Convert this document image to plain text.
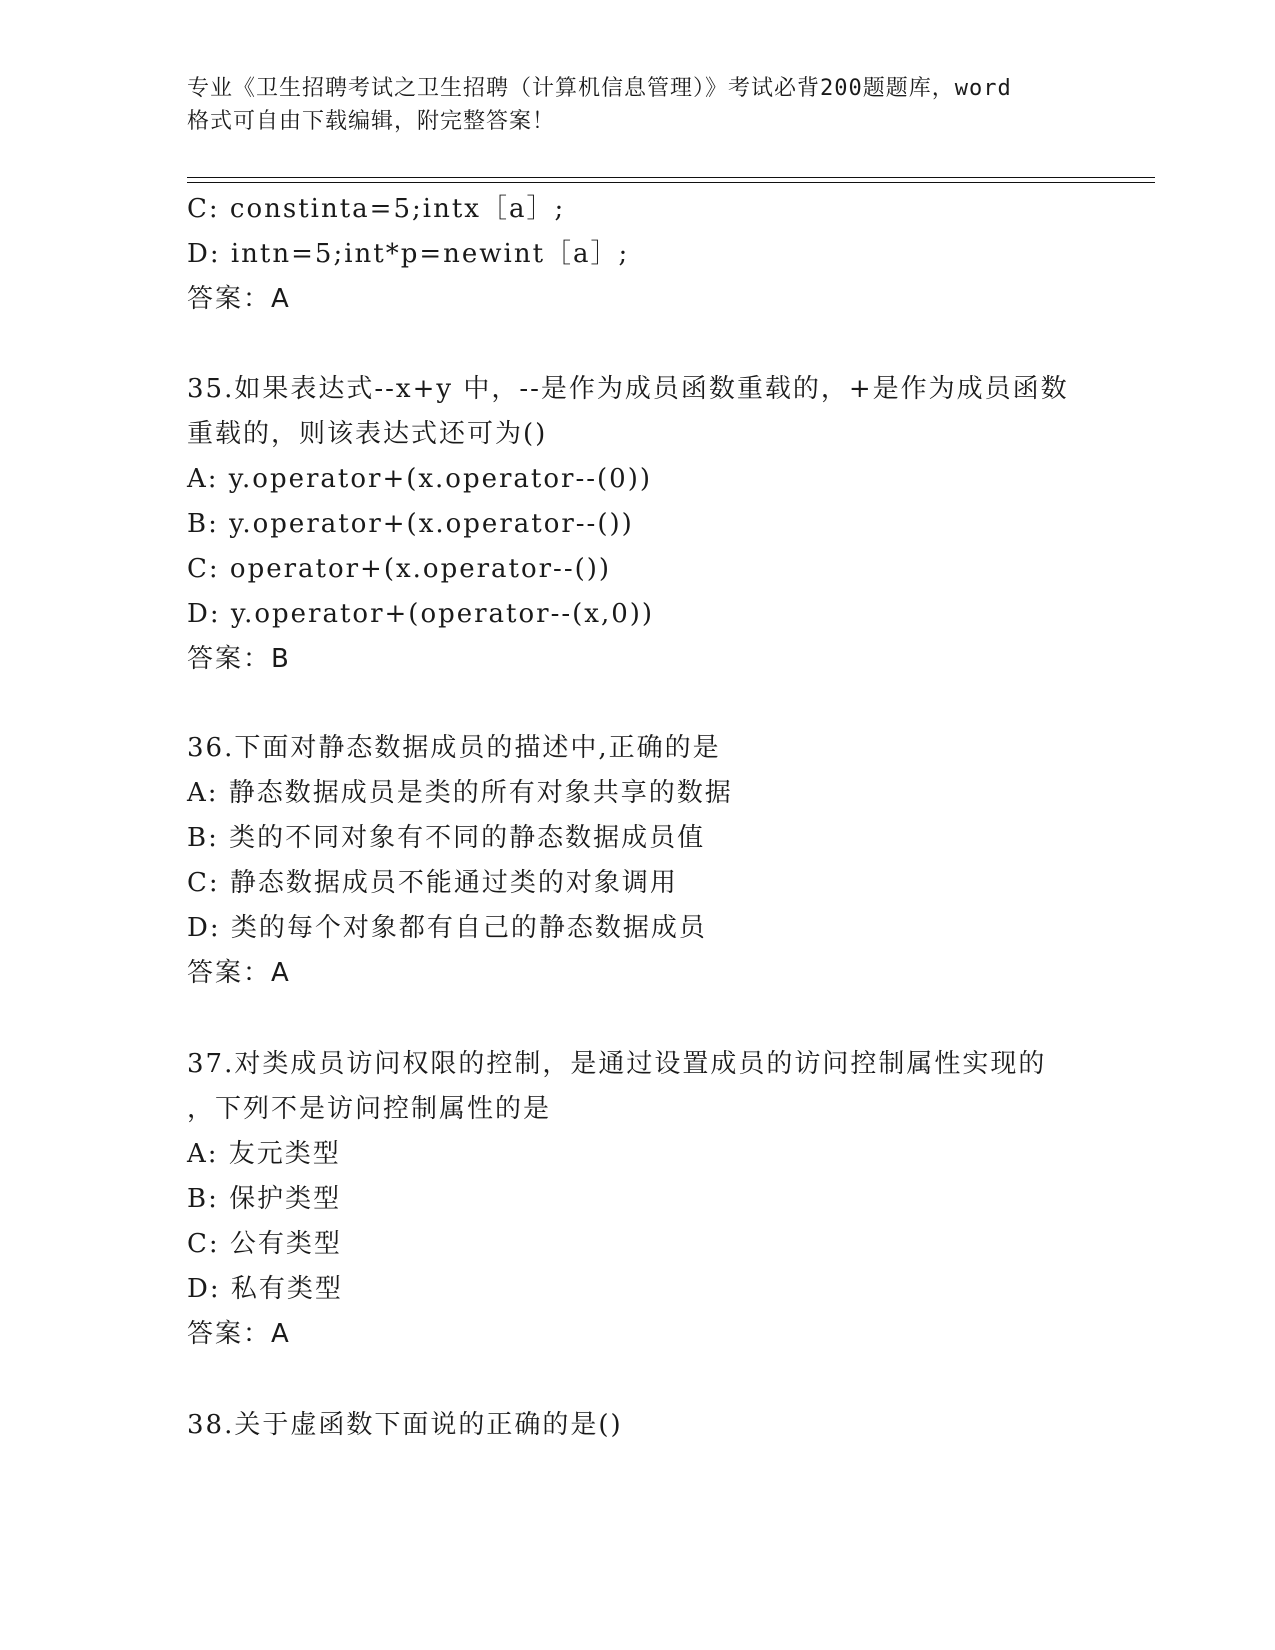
专业《卫生招聘考试之卫生招聘（计算机信息管理）》考试必背200题题库，word
格式可自由下载编辑，附完整答案！
C: constinta=5;intx［a］;
D: intn=5;int*p=newint［a］;
答案：A
35.如果表达式--x+y 中，--是作为成员函数重载的，+是作为成员函数
重载的，则该表达式还可为()
A: y.operator+(x.operator--(0))
B: y.operator+(x.operator--())
C: operator+(x.operator--())
D: y.operator+(operator--(x,0))
答案：B
36.下面对静态数据成员的描述中,正确的是
A: 静态数据成员是类的所有对象共享的数据
B: 类的不同对象有不同的静态数据成员值
C: 静态数据成员不能通过类的对象调用
D: 类的每个对象都有自己的静态数据成员
答案：A
37.对类成员访问权限的控制，是通过设置成员的访问控制属性实现的
，下列不是访问控制属性的是
A: 友元类型
B: 保护类型
C: 公有类型
D: 私有类型
答案：A
38.关于虚函数下面说的正确的是()
